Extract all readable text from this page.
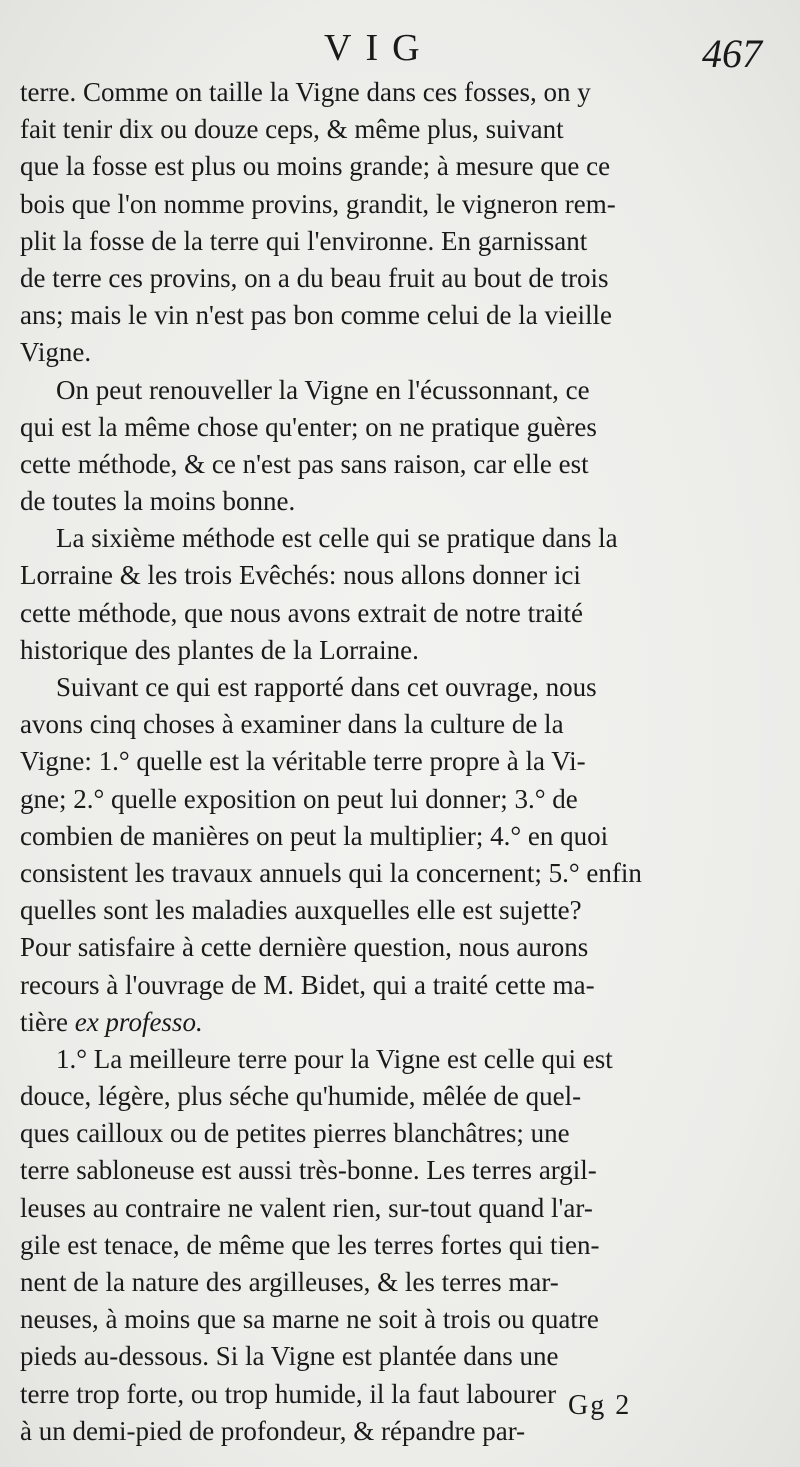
VIG	467
terre. Comme on taille la Vigne dans ces fosses, on y
fait tenir dix ou douze ceps, & même plus, suivant
que la fosse est plus ou moins grande; à mesure que ce
bois que l'on nomme provins, grandit, le vigneron rem-
plit la fosse de la terre qui l'environne. En garnissant
de terre ces provins, on a du beau fruit au bout de trois
ans; mais le vin n'est pas bon comme celui de la vieille
Vigne.
On peut renouveller la Vigne en l'écussonnant, ce
qui est la même chose qu'enter; on ne pratique guères
cette méthode, & ce n'est pas sans raison, car elle est
de toutes la moins bonne.
La sixième méthode est celle qui se pratique dans la
Lorraine & les trois Evêchés: nous allons donner ici
cette méthode, que nous avons extrait de notre traité
historique des plantes de la Lorraine.
Suivant ce qui est rapporté dans cet ouvrage, nous
avons cinq choses à examiner dans la culture de la
Vigne: 1.° quelle est la véritable terre propre à la Vi-
gne; 2.° quelle exposition on peut lui donner; 3.° de
combien de manières on peut la multiplier; 4.° en quoi
consistent les travaux annuels qui la concernent; 5.° enfin
quelles sont les maladies auxquelles elle est sujette?
Pour satisfaire à cette dernière question, nous aurons
recours à l'ouvrage de M. Bidet, qui a traité cette ma-
tière ex professo.
1.° La meilleure terre pour la Vigne est celle qui est
douce, légère, plus séche qu'humide, mêlée de quel-
ques cailloux ou de petites pierres blanchâtres; une
terre sabloneuse est aussi très-bonne. Les terres argil-
leuses au contraire ne valent rien, sur-tout quand l'ar-
gile est tenace, de même que les terres fortes qui tien-
nent de la nature des argilleuses, & les terres mar-
neuses, à moins que sa marne ne soit à trois ou quatre
pieds au-dessous. Si la Vigne est plantée dans une
terre trop forte, ou trop humide, il la faut labourer
à un demi-pied de profondeur, & répandre par-
Gg 2
